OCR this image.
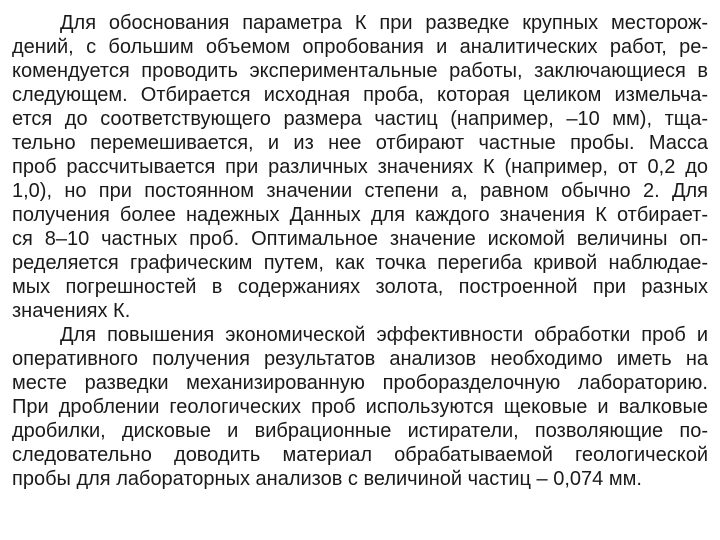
Для обоснования параметра К при разведке крупных месторож-
дений, с большим объемом опробования и аналитических работ, ре-
комендуется проводить экспериментальные работы, заключающиеся в
следующем. Отбирается исходная проба, которая целиком измельча-
ется до соответствующего размера частиц (например, –10 мм), тща-
тельно перемешивается, и из нее отбирают частные пробы. Масса
проб рассчитывается при различных значениях К (например, от 0,2 до
1,0), но при постоянном значении степени а, равном обычно 2. Для
получения более надежных Данных для каждого значения К отбирает-
ся 8–10 частных проб. Оптимальное значение искомой величины оп-
ределяется графическим путем, как точка перегиба кривой наблюдае-
мых погрешностей в содержаниях золота, построенной при разных
значениях К.
Для повышения экономической эффективности обработки проб и
оперативного получения результатов анализов необходимо иметь на
месте разведки механизированную проборазделочную лабораторию.
При дроблении геологических проб используются щековые и валковые
дробилки, дисковые и вибрационные истиратели, позволяющие по-
следовательно доводить материал обрабатываемой геологической
пробы для лабораторных анализов с величиной частиц – 0,074 мм.
